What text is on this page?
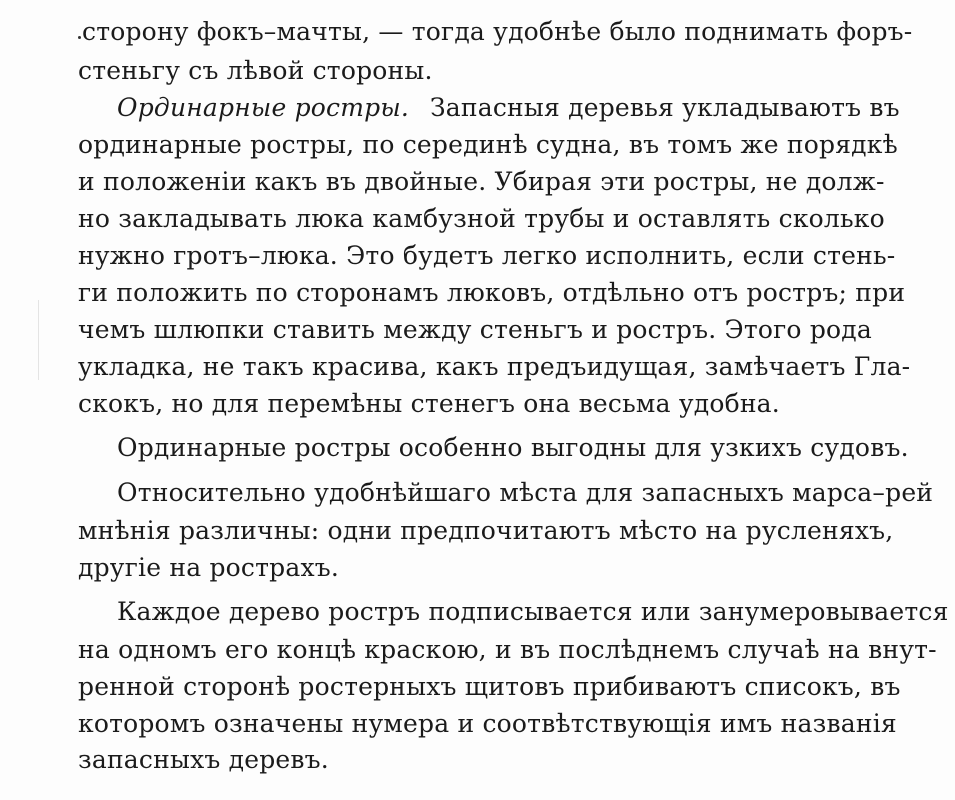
сторону фокъ–мачты, — тогда удобнѣе было поднимать форъ-
стеньгу съ лѣвой стороны.
Ординарные ростры. Запасныя деревья укладываютъ въ
ординарные ростры, по серединѣ судна, въ томъ же порядкѣ
и положеніи какъ въ двойные. Убирая эти ростры, не долж-
но закладывать люка камбузной трубы и оставлять сколько
нужно гротъ–люка. Это будетъ легко исполнить, если стень-
ги положить по сторонамъ люковъ, отдѣльно отъ ростръ; при
чемъ шлюпки ставить между стеньгъ и ростръ. Этого рода
укладка, не такъ красива, какъ предъидущая, замѣчаетъ Гла-
скокъ, но для перемѣны стенегъ она весьма удобна.
Ординарные ростры особенно выгодны для узкихъ судовъ.
Относительно удобнѣйшаго мѣста для запасныхъ марса–рей
мнѣнія различны: одни предпочитаютъ мѣсто на русленяхъ,
другіе на рострахъ.
Каждое дерево ростръ подписывается или занумеровывается
на одномъ его концѣ краскою, и въ послѣднемъ случаѣ на внут-
ренной сторонѣ ростерныхъ щитовъ прибиваютъ списокъ, въ
которомъ означены нумера и соотвѣтствующія имъ названія
запасныхъ деревъ.
